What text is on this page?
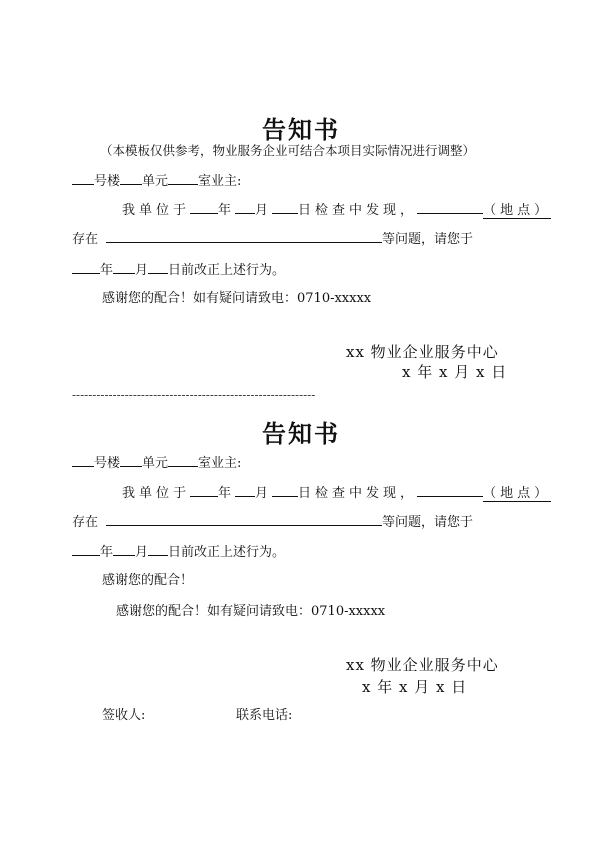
告知书
（本模板仅供参考，物业服务企业可结合本项目实际情况进行调整）
号楼 单元 室业主:
我单位于 年 月 日检查中发现，	（地点）
存在	等问题，请您于
年 月 日前改正上述行为。
感谢您的配合！如有疑问请致电：0710-xxxxx
xx 物业企业服务中心
x 年 x 月 x 日
------------------------------------------------------------
告知书
号楼 单元 室业主:
我单位于 年 月 日检查中发现，	（地点）
存在	等问题，请您于
年 月 日前改正上述行为。
感谢您的配合！
感谢您的配合！如有疑问请致电：0710-xxxxx
xx 物业企业服务中心
x 年 x 月 x 日
签收人:	联系电话:
